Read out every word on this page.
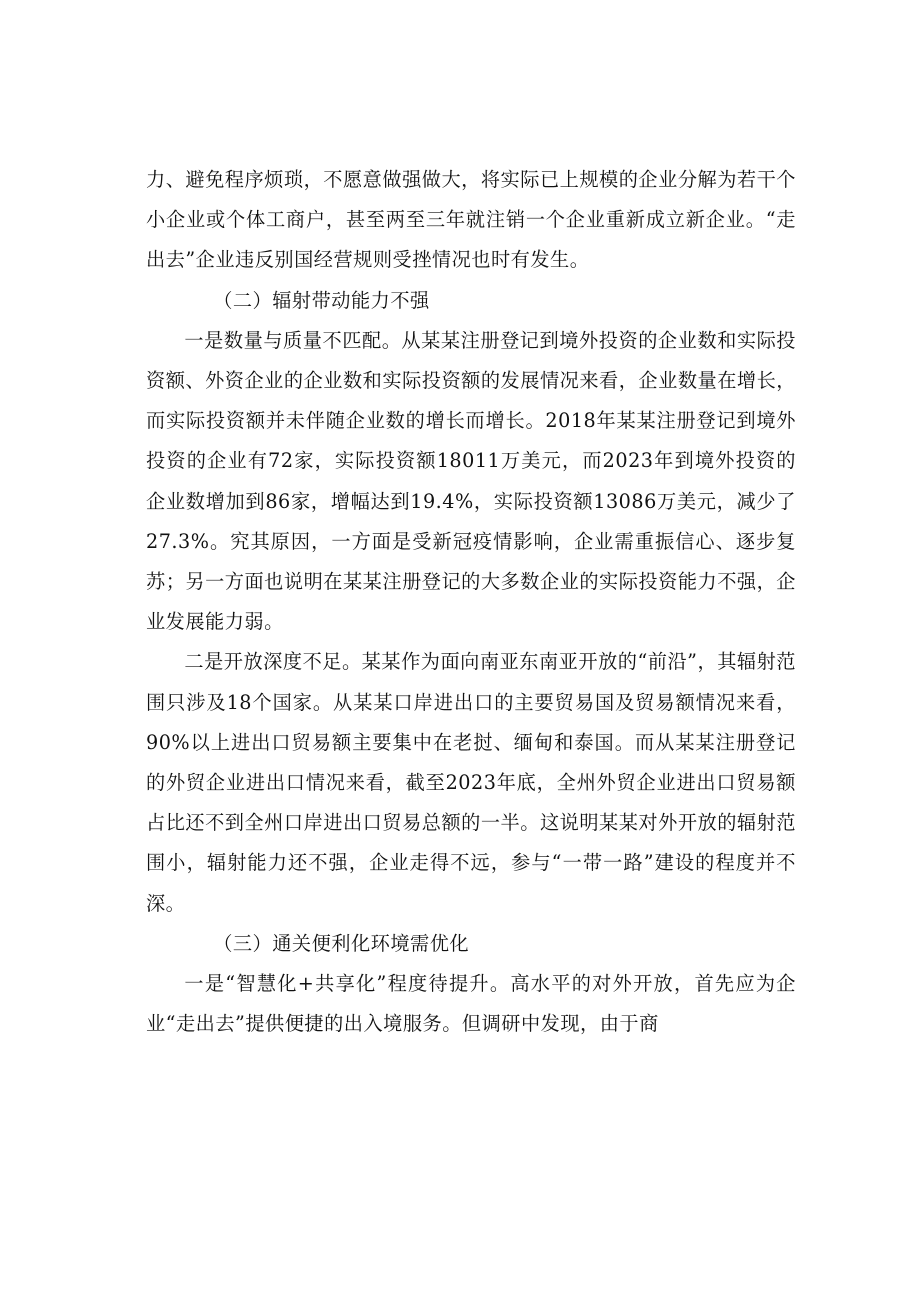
力、避免程序烦琐，不愿意做强做大，将实际已上规模的企业分解为若干个小企业或个体工商户，甚至两至三年就注销一个企业重新成立新企业。“走出去”企业违反别国经营规则受挫情况也时有发生。

（二）辐射带动能力不强

一是数量与质量不匹配。从某某注册登记到境外投资的企业数和实际投资额、外资企业的企业数和实际投资额的发展情况来看，企业数量在增长，而实际投资额并未伴随企业数的增长而增长。2018年某某注册登记到境外投资的企业有72家，实际投资额18011万美元，而2023年到境外投资的企业数增加到86家，增幅达到19.4%，实际投资额13086万美元，减少了27.3%。究其原因，一方面是受新冠疫情影响，企业需重振信心、逐步复苏；另一方面也说明在某某注册登记的大多数企业的实际投资能力不强，企业发展能力弱。

二是开放深度不足。某某作为面向南亚东南亚开放的“前沿”，其辐射范围只涉及18个国家。从某某口岸进出口的主要贸易国及贸易额情况来看，90%以上进出口贸易额主要集中在老挝、缅甸和泰国。而从某某注册登记的外贸企业进出口情况来看，截至2023年底，全州外贸企业进出口贸易额占比还不到全州口岸进出口贸易总额的一半。这说明某某对外开放的辐射范围小，辐射能力还不强，企业走得不远，参与“一带一路”建设的程度并不深。

（三）通关便利化环境需优化

一是“智慧化+共享化”程度待提升。高水平的对外开放，首先应为企业“走出去”提供便捷的出入境服务。但调研中发现，由于商
